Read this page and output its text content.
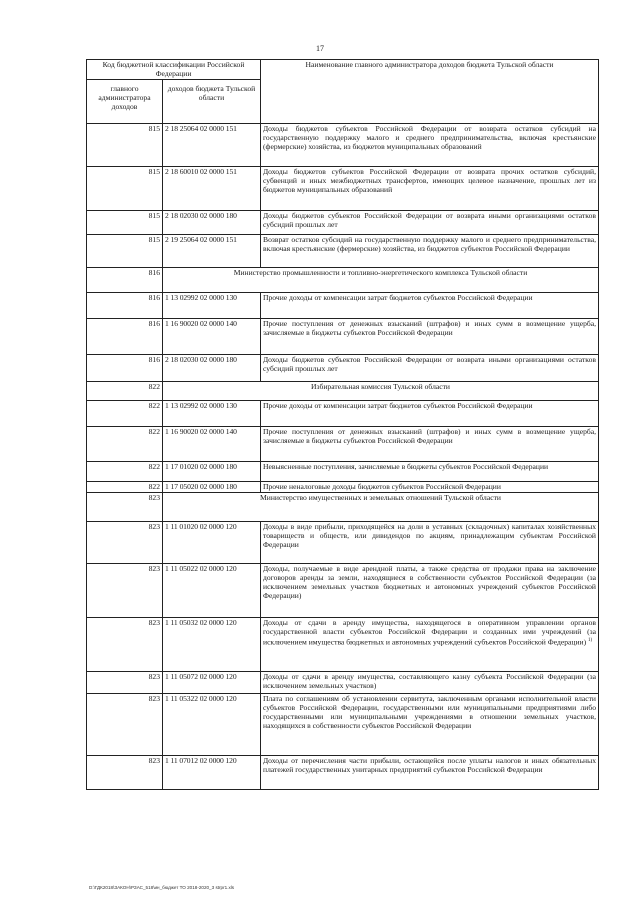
17
Код бюджетной классификации Российской Федерации		Наименование главного администратора доходов бюджета Тульской области
главного администратора доходов	доходов бюджета Тульской области	
815	2 18 25064 02 0000 151	Доходы бюджетов субъектов Российской Федерации от возврата остатков субсидий на государственную поддержку малого и среднего предпринимательства, включая крестьянские (фермерские) хозяйства, из бюджетов муниципальных образований
815	2 18 60010 02 0000 151	Доходы бюджетов субъектов Российской Федерации от возврата прочих остатков субсидий, субвенций и иных межбюджетных трансфертов, имеющих целевое назначение, прошлых лет из бюджетов муниципальных образований
815	2 18 02030 02 0000 180	Доходы бюджетов субъектов Российской Федерации от возврата иными организациями остатков субсидий прошлых лет
815	2 19 25064 02 0000 151	Возврат остатков субсидий на государственную поддержку малого и среднего предпринимательства, включая крестьянские (фермерские) хозяйства, из бюджетов субъектов Российской Федерации
816	Министерство промышленности и топливно-энергетического комплекса Тульской области	
816	1 13 02992 02 0000 130	Прочие доходы от компенсации затрат бюджетов субъектов Российской Федерации
816	1 16 90020 02 0000 140	Прочие поступления от денежных взысканий (штрафов) и иных сумм в возмещение ущерба, зачисляемые в бюджеты субъектов Российской Федерации
816	2 18 02030 02 0000 180	Доходы бюджетов субъектов Российской Федерации от возврата иными организациями остатков субсидий прошлых лет
822	Избирательная комиссия Тульской области	
822	1 13 02992 02 0000 130	Прочие доходы от компенсации затрат бюджетов субъектов Российской Федерации
822	1 16 90020 02 0000 140	Прочие поступления от денежных взысканий (штрафов) и иных сумм в возмещение ущерба, зачисляемые в бюджеты субъектов Российской Федерации
822	1 17 01020 02 0000 180	Невыясненные поступления, зачисляемые в бюджеты субъектов Российской Федерации
822	1 17 05020 02 0000 180	Прочие неналоговые доходы бюджетов субъектов Российской Федерации
823	Министерство имущественных и земельных отношений Тульской области	
823	1 11 01020 02 0000 120	Доходы в виде прибыли, приходящейся на доли в уставных (складочных) капиталах хозяйственных товариществ и обществ, или дивидендов по акциям, принадлежащим субъектам Российской Федерации
823	1 11 05022 02 0000 120	Доходы, получаемые в виде арендной платы, а также средства от продажи права на заключение договоров аренды за земли, находящиеся в собственности субъектов Российской Федерации (за исключением земельных участков бюджетных и автономных учреждений субъектов Российской Федерации)
823	1 11 05032 02 0000 120	Доходы от сдачи в аренду имущества, находящегося в оперативном управлении органов государственной власти субъектов Российской Федерации и созданных ими учреждений (за исключением имущества бюджетных и автономных учреждений субъектов Российской Федерации) $^{1)}$
823	1 11 05072 02 0000 120	Доходы от сдачи в аренду имущества, составляющего казну субъекта Российской Федерации (за исключением земельных участков)
823	1 11 05322 02 0000 120	Плата по соглашениям об установлении сервитута, заключенным органами исполнительной власти субъектов Российской Федерации, государственными или муниципальными предприятиями либо государственными или муниципальными учреждениями в отношении земельных участков, находящихся в собственности субъектов Российской Федерации
823	1 11 07012 02 0000 120	Доходы от перечисления части прибыли, остающейся после уплаты налогов и иных обязательных платежей государственных унитарных предприятий субъектов Российской Федерации
D:\ГДК2018\ЗАКОН\РЗАС_518\ин_бюджет ТО 2018-2020_3 strpr1.xls
